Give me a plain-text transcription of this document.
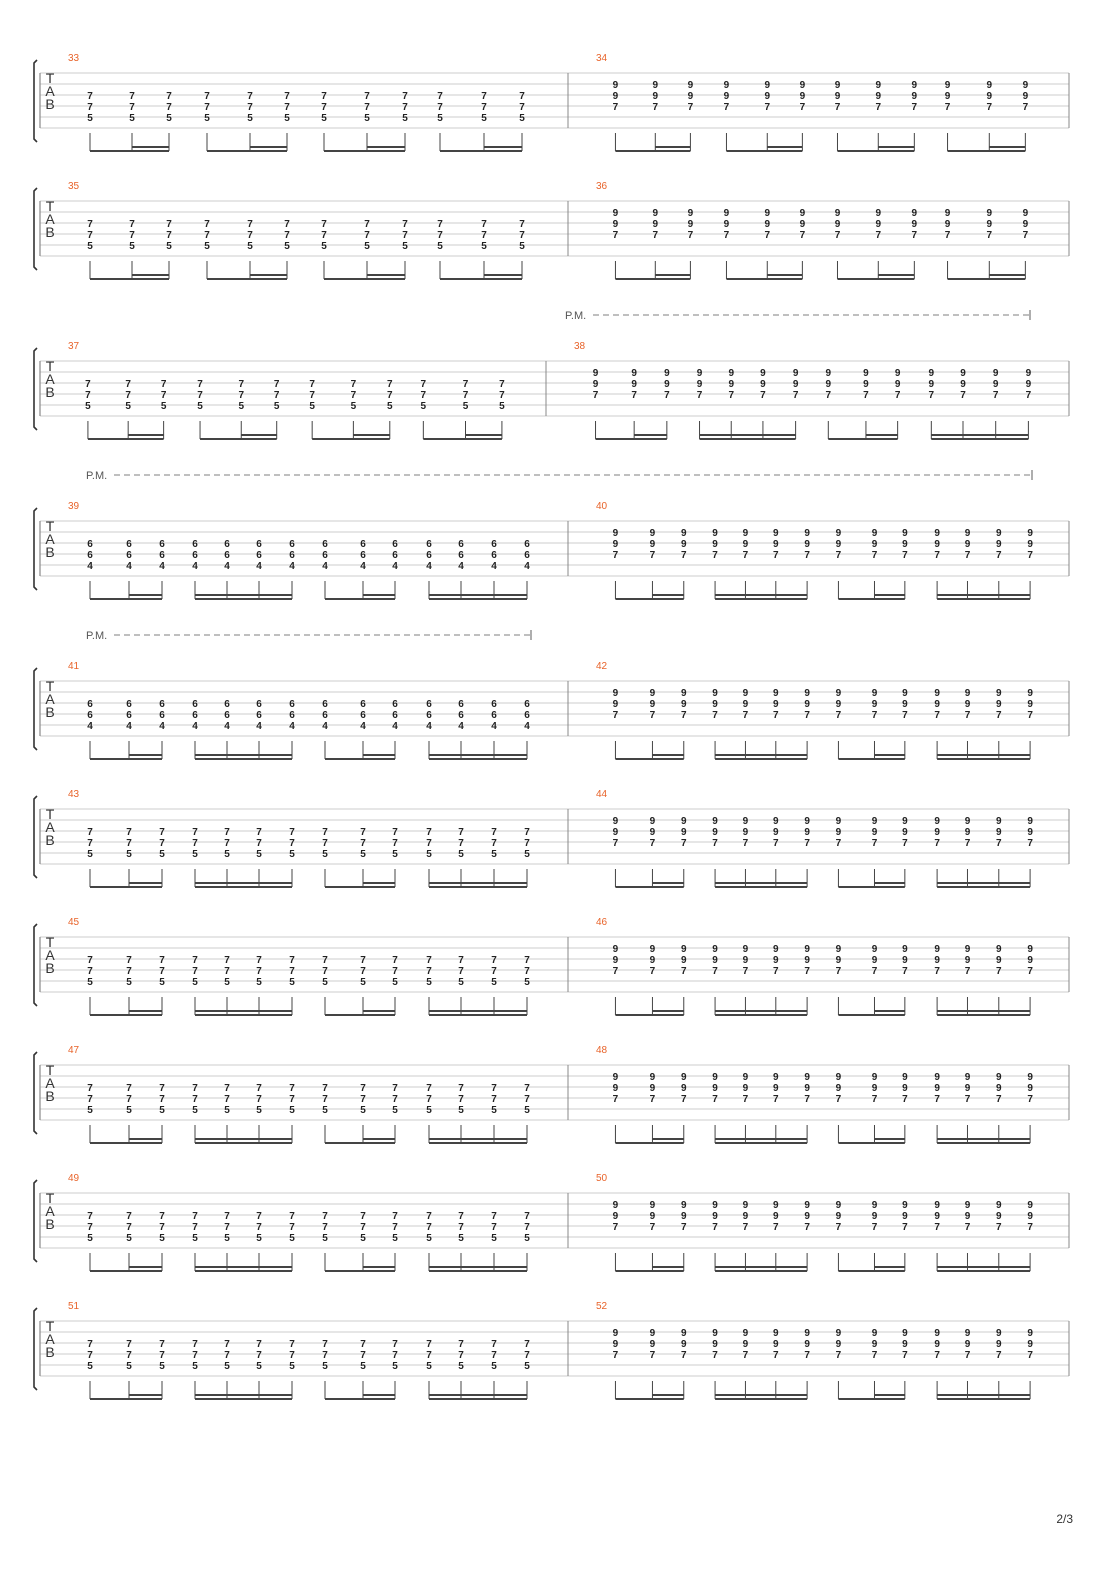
T
A
B
33
7
7
5
7
7
5
7
7
5
7
7
5
7
7
5
7
7
5
7
7
5
7
7
5
7
7
5
7
7
5
7
7
5
7
7
5
34
9
9
7
9
9
7
9
9
7
9
9
7
9
9
7
9
9
7
9
9
7
9
9
7
9
9
7
9
9
7
9
9
7
9
9
7
T
A
B
35
7
7
5
7
7
5
7
7
5
7
7
5
7
7
5
7
7
5
7
7
5
7
7
5
7
7
5
7
7
5
7
7
5
7
7
5
36
9
9
7
9
9
7
9
9
7
9
9
7
9
9
7
9
9
7
9
9
7
9
9
7
9
9
7
9
9
7
9
9
7
9
9
7
T
A
B
P.M.
37
7
7
5
7
7
5
7
7
5
7
7
5
7
7
5
7
7
5
7
7
5
7
7
5
7
7
5
7
7
5
7
7
5
7
7
5
38
9
9
7
9
9
7
9
9
7
9
9
7
9
9
7
9
9
7
9
9
7
9
9
7
9
9
7
9
9
7
9
9
7
9
9
7
9
9
7
9
9
7
T
A
B
P.M.
39
6
6
4
6
6
4
6
6
4
6
6
4
6
6
4
6
6
4
6
6
4
6
6
4
6
6
4
6
6
4
6
6
4
6
6
4
6
6
4
6
6
4
40
9
9
7
9
9
7
9
9
7
9
9
7
9
9
7
9
9
7
9
9
7
9
9
7
9
9
7
9
9
7
9
9
7
9
9
7
9
9
7
9
9
7
T
A
B
P.M.
41
6
6
4
6
6
4
6
6
4
6
6
4
6
6
4
6
6
4
6
6
4
6
6
4
6
6
4
6
6
4
6
6
4
6
6
4
6
6
4
6
6
4
42
9
9
7
9
9
7
9
9
7
9
9
7
9
9
7
9
9
7
9
9
7
9
9
7
9
9
7
9
9
7
9
9
7
9
9
7
9
9
7
9
9
7
T
A
B
43
7
7
5
7
7
5
7
7
5
7
7
5
7
7
5
7
7
5
7
7
5
7
7
5
7
7
5
7
7
5
7
7
5
7
7
5
7
7
5
7
7
5
44
9
9
7
9
9
7
9
9
7
9
9
7
9
9
7
9
9
7
9
9
7
9
9
7
9
9
7
9
9
7
9
9
7
9
9
7
9
9
7
9
9
7
T
A
B
45
7
7
5
7
7
5
7
7
5
7
7
5
7
7
5
7
7
5
7
7
5
7
7
5
7
7
5
7
7
5
7
7
5
7
7
5
7
7
5
7
7
5
46
9
9
7
9
9
7
9
9
7
9
9
7
9
9
7
9
9
7
9
9
7
9
9
7
9
9
7
9
9
7
9
9
7
9
9
7
9
9
7
9
9
7
T
A
B
47
7
7
5
7
7
5
7
7
5
7
7
5
7
7
5
7
7
5
7
7
5
7
7
5
7
7
5
7
7
5
7
7
5
7
7
5
7
7
5
7
7
5
48
9
9
7
9
9
7
9
9
7
9
9
7
9
9
7
9
9
7
9
9
7
9
9
7
9
9
7
9
9
7
9
9
7
9
9
7
9
9
7
9
9
7
T
A
B
49
7
7
5
7
7
5
7
7
5
7
7
5
7
7
5
7
7
5
7
7
5
7
7
5
7
7
5
7
7
5
7
7
5
7
7
5
7
7
5
7
7
5
50
9
9
7
9
9
7
9
9
7
9
9
7
9
9
7
9
9
7
9
9
7
9
9
7
9
9
7
9
9
7
9
9
7
9
9
7
9
9
7
9
9
7
T
A
B
51
7
7
5
7
7
5
7
7
5
7
7
5
7
7
5
7
7
5
7
7
5
7
7
5
7
7
5
7
7
5
7
7
5
7
7
5
7
7
5
7
7
5
52
9
9
7
9
9
7
9
9
7
9
9
7
9
9
7
9
9
7
9
9
7
9
9
7
9
9
7
9
9
7
9
9
7
9
9
7
9
9
7
9
9
7
2/3
